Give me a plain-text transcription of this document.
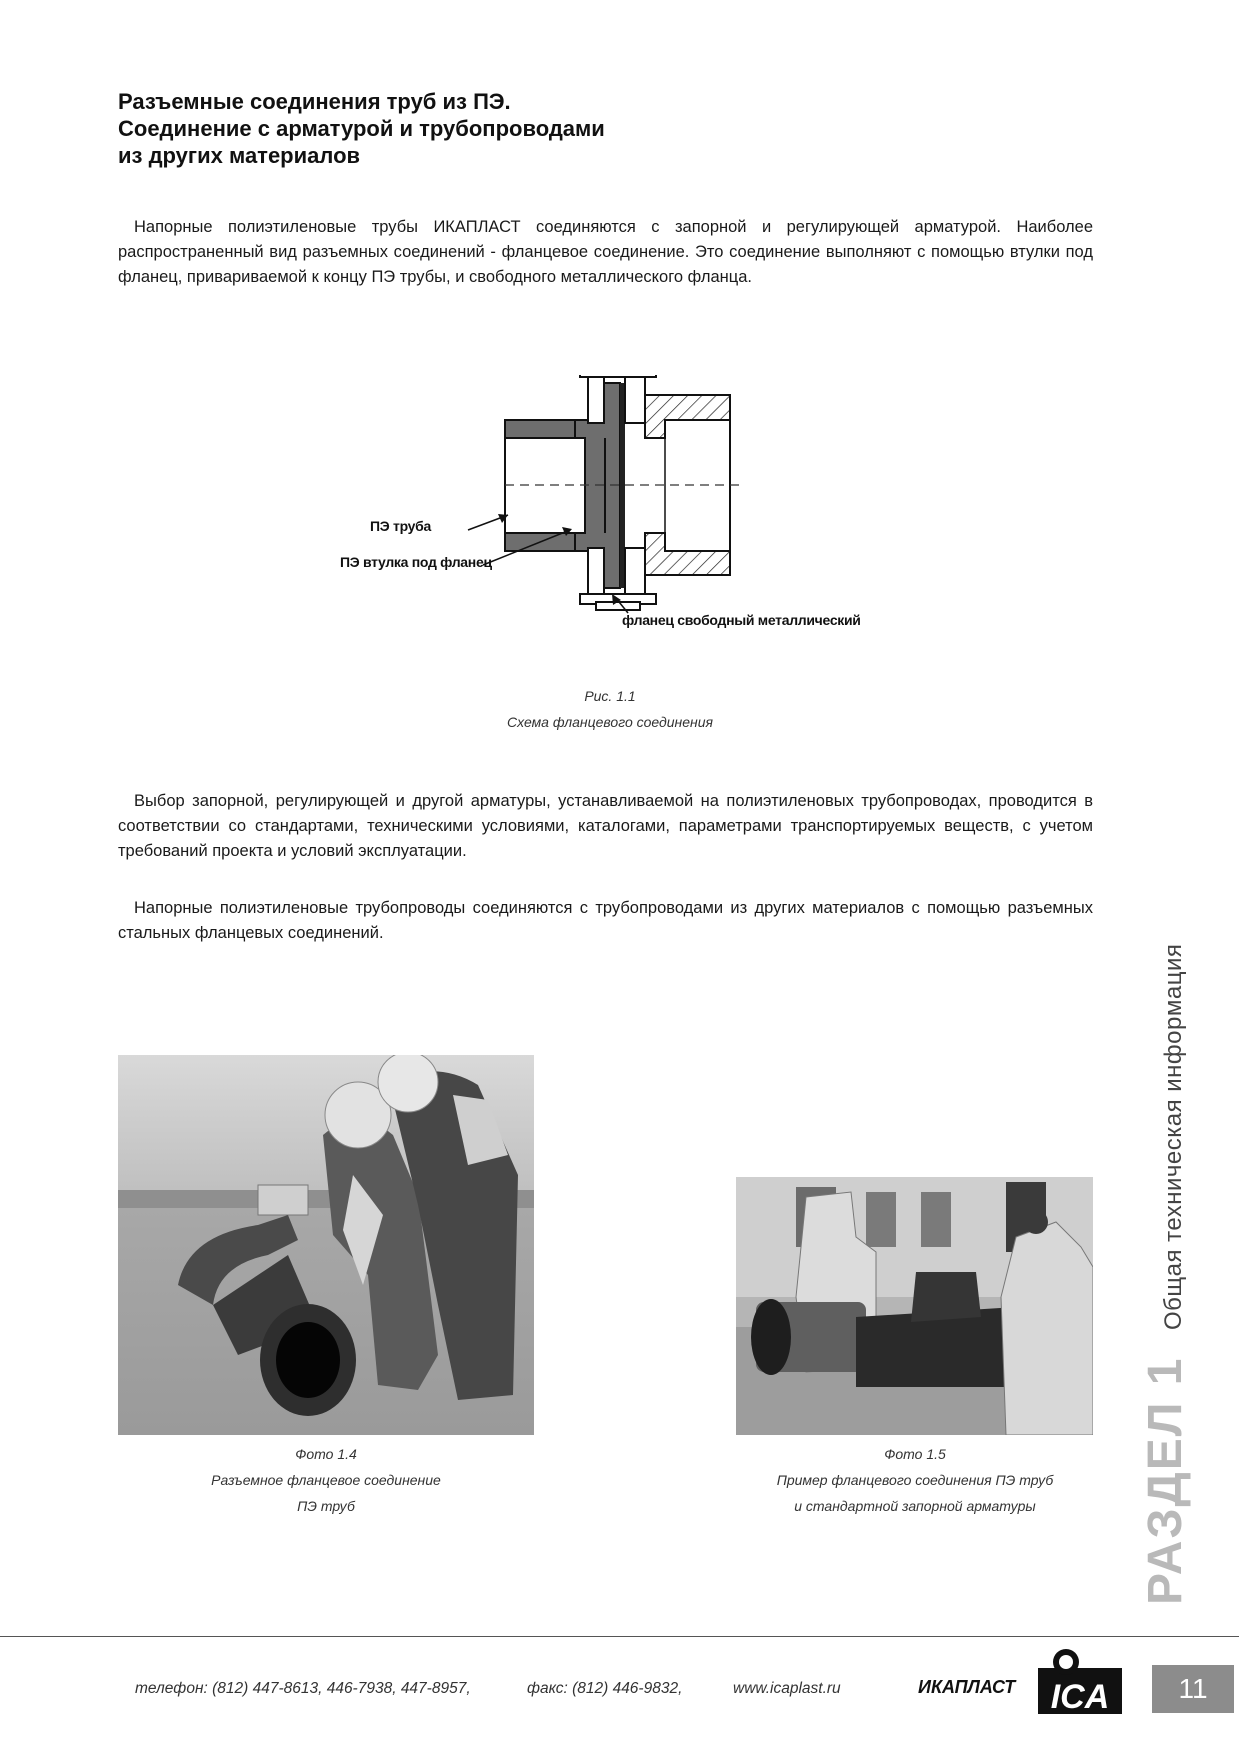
Разъемные соединения труб из ПЭ.
Соединение с арматурой и трубопроводами
из других материалов

Напорные полиэтиленовые трубы ИКАПЛАСТ соединяются с запорной и регулирующей арматурой. Наиболее распространенный вид разъемных соединений - фланцевое соединение. Это соединение выполняют с помощью втулки под фланец, привариваемой к концу ПЭ трубы, и свободного металлического фланца.

ПЭ труба
ПЭ втулка под фланец
фланец свободный металлический
Рис. 1.1
Схема фланцевого соединения

Выбор запорной, регулирующей и другой арматуры, устанавливаемой на полиэтиленовых трубопроводах, проводится в соответствии со стандартами, техническими условиями, каталогами, параметрами транспортируемых веществ, с учетом требований проекта и условий эксплуатации.

Напорные полиэтиленовые трубопроводы соединяются с трубопроводами из других материалов с помощью разъемных стальных фланцевых соединений.

Фото 1.4
Разъемное фланцевое соединение
ПЭ труб
Фото 1.5
Пример фланцевого соединения ПЭ труб
и стандартной запорной арматуры
Общая техническая информация
РАЗДЕЛ 1
телефон: (812) 447-8613, 446-7938, 447-8957,	факс: (812) 446-9832,	www.icaplast.ru	ИКАПЛАСТ ICA	11
